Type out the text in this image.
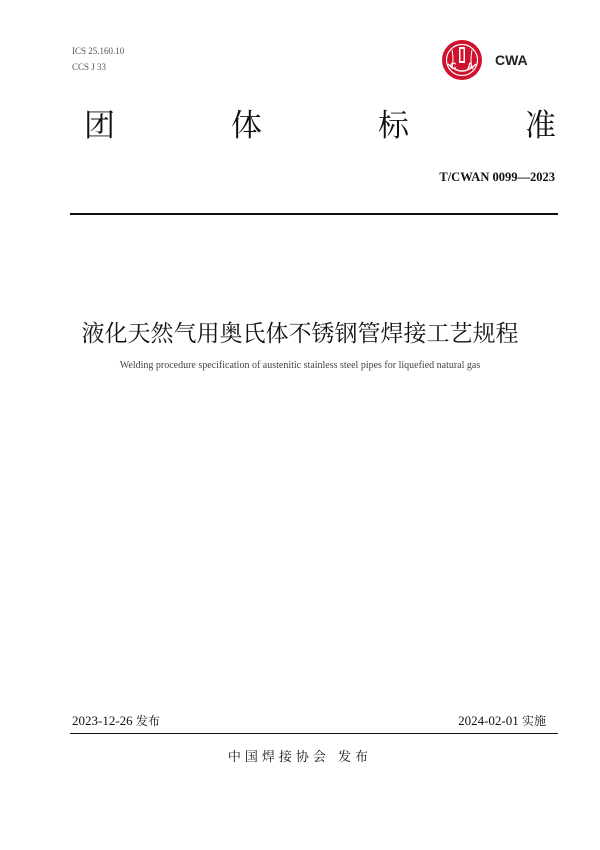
ICS 25.160.10
CCS J 33	C A CWA
团	体	标	准
T/CWAN 0099—2023
液化天然气用奥氏体不锈钢管焊接工艺规程
Welding procedure specification of austenitic stainless steel pipes for liquefied natural gas
2023-12-26 发布	2024-02-01 实施
中国焊接协会 发布
